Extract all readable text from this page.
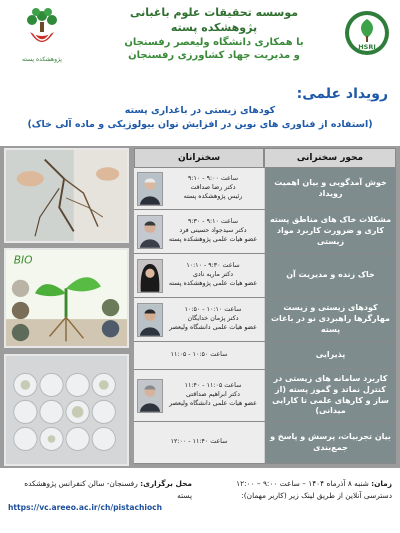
پژوهشکده پسته
موسسه تحقیقات علوم باغبانی
پژوهشکده پسته
با همکاری دانشگاه ولیعصر رفسنجان
و مدیریت جهاد کشاورزی رفسنجان
HSRI
رویداد علمی:
کودهای زیستی در باغداری پسته
(استفاده از فناوری های نوین در افزایش توان بیولوژیکی و ماده آلی خاک)
BIO
محور سخنرانی
سخنرانان
خوش آمدگویی و بیان اهمیت رویداد
ساعت ۹:۰۰ - ۹:۱۰
دکتر رضا صداقت
رئیس پژوهشکده پسته
مشکلات خاک های مناطق پسته کاری و ضرورت کاربرد مواد زیستی
ساعت ۹:۱۰ - ۹:۳۰
دکتر سیدجواد حسینی فرد
عضو هیات علمی پژوهشکده پسته
خاک زنده و مدیریت آن
ساعت ۹:۳۰ - ۱۰:۱۰
دکتر ماریه نادی
عضو هیات علمی پژوهشکده پسته
کودهای زیستی و زیست مهارگرها راهبردی نو در باغات پسته
ساعت ۱۰:۱۰ - ۱۰:۵۰
دکتر پژمان خدایگان
عضو هیات علمی دانشگاه ولیعصر
پذیرایی
ساعت ۱۰:۵۰ - ۱۱:۰۵
کاربرد سامانه های زیستی در کنترل نماتد و گموز پسته (از ساز و کارهای علمی تا کارایی میدانی)
ساعت ۱۱:۰۵ - ۱۱:۴۰
دکتر ابراهیم صداقتی
عضو هیات علمی دانشگاه ولیعصر
بیان تجربیات، پرسش و پاسخ و جمع‌بندی
ساعت ۱۱:۴۰ - ۱۲:۰۰
زمان: شنبه ۸ آذرماه ۱۴۰۴ – ساعت ۹:۰۰ – ۱۲:۰۰
دسترسی آنلاین از طریق لینک زیر (کاربر مهمان):
محل برگزاری: رفسنجان- سالن کنفرانس پژوهشکده پسته
https://vc.areeo.ac.ir/ch/pistachioch
